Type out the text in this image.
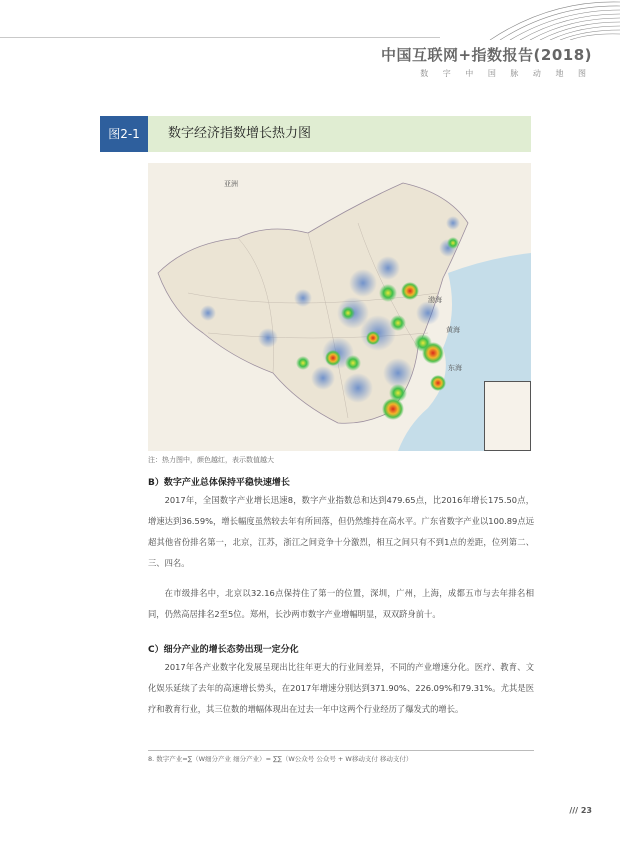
中国互联网+指数报告(2018)
数 字 中 国 脉 动 地 图
图2-1	数字经济指数增长热力图
亚洲
渤海
黄海
东海
注：热力图中，颜色越红，表示数值越大
B）数字产业总体保持平稳快速增长
2017年，全国数字产业增长迅速8，数字产业指数总和达到479.65点，比2016年增长175.50点，增速达到36.59%，增长幅度虽然较去年有所回落，但仍然维持在高水平。广东省数字产业以100.89点远超其他省份排名第一，北京，江苏，浙江之间竞争十分激烈，相互之间只有不到1点的差距，位列第二、三、四名。
在市级排名中，北京以32.16点保持住了第一的位置，深圳，广州，上海，成都五市与去年排名相同，仍然高居排名2至5位。郑州，长沙两市数字产业增幅明显，双双跻身前十。
C）细分产业的增长态势出现一定分化
2017年各产业数字化发展呈现出比往年更大的行业间差异，不同的产业增速分化。医疗、教育、文化娱乐延续了去年的高速增长势头，在2017年增速分别达到371.90%、226.09%和79.31%。尤其是医疗和教育行业，其三位数的增幅体现出在过去一年中这两个行业经历了爆发式的增长。
8. 数字产业=∑（W细分产业 细分产业）= ∑∑（W公众号 公众号 + W移动支付 移动支付）
/// 23
